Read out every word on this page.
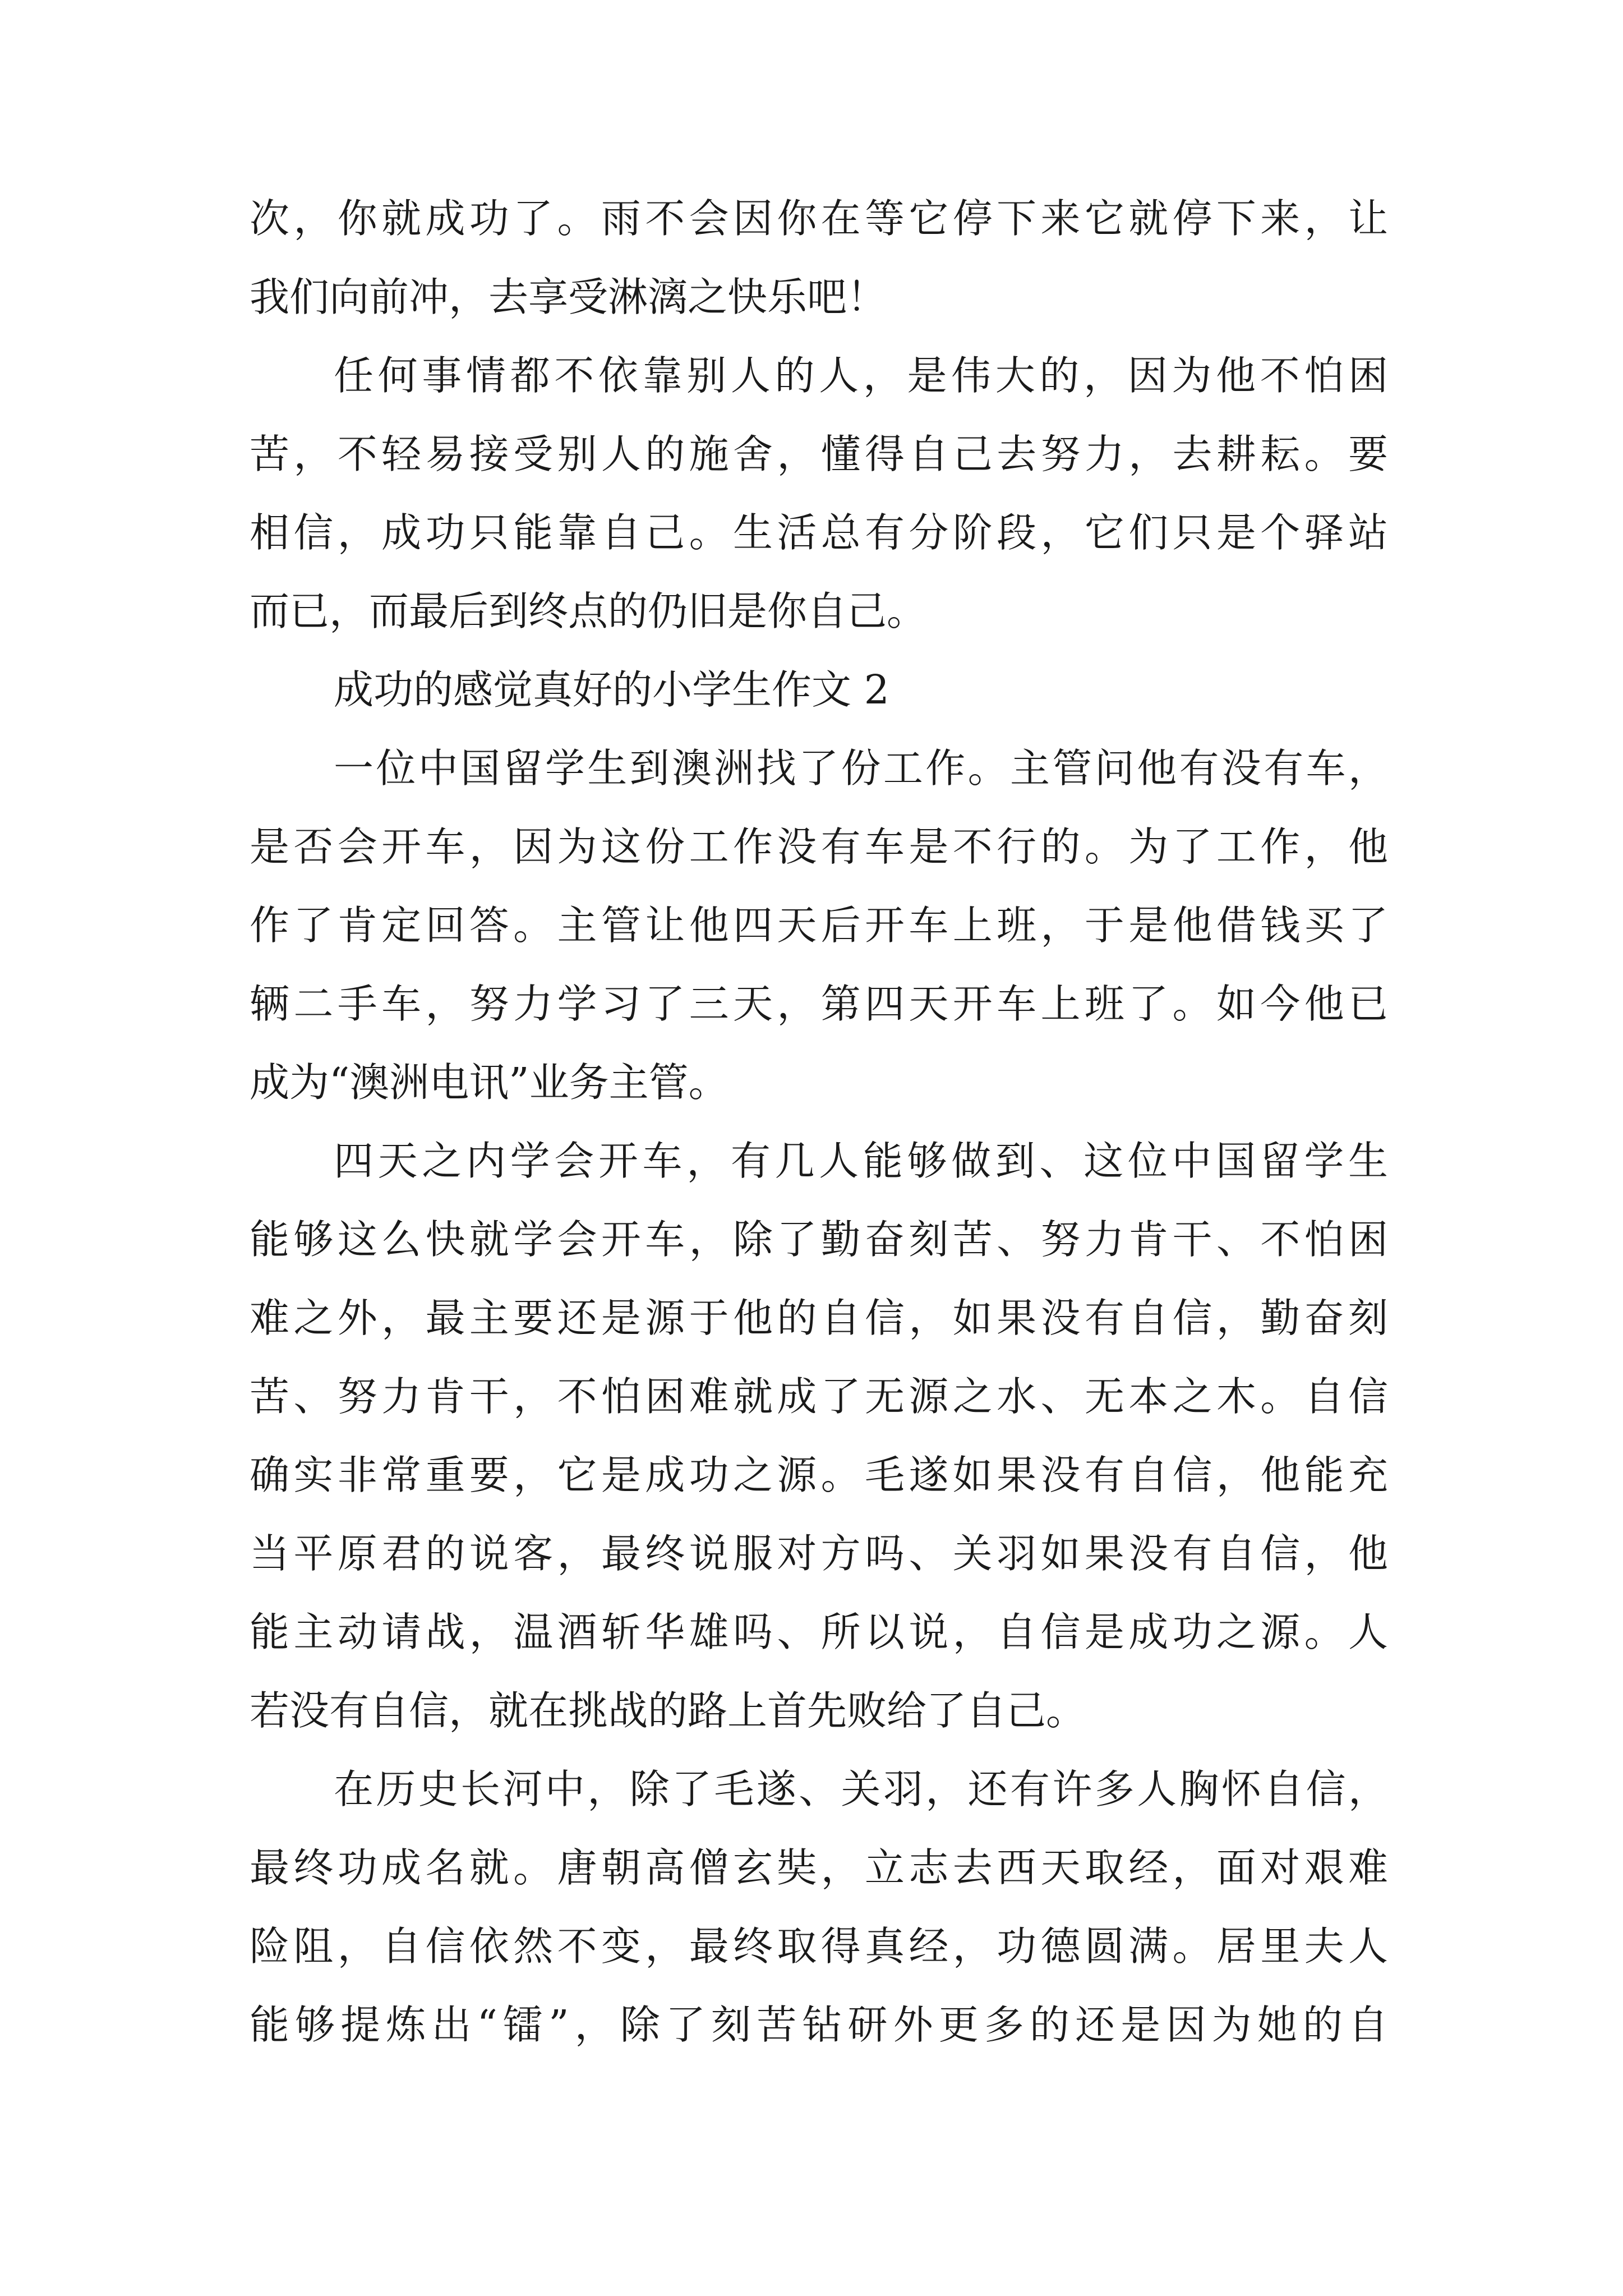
次，你就成功了。雨不会因你在等它停下来它就停下来，让
我们向前冲，去享受淋漓之快乐吧！
任何事情都不依靠别人的人，是伟大的，因为他不怕困
苦，不轻易接受别人的施舍，懂得自己去努力，去耕耘。要
相信，成功只能靠自己。生活总有分阶段，它们只是个驿站
而已，而最后到终点的仍旧是你自己。
成功的感觉真好的小学生作文 2
一位中国留学生到澳洲找了份工作。主管问他有没有车，
是否会开车，因为这份工作没有车是不行的。为了工作，他
作了肯定回答。主管让他四天后开车上班，于是他借钱买了
辆二手车，努力学习了三天，第四天开车上班了。如今他已
成为“澳洲电讯”业务主管。
四天之内学会开车，有几人能够做到、这位中国留学生
能够这么快就学会开车，除了勤奋刻苦、努力肯干、不怕困
难之外，最主要还是源于他的自信，如果没有自信，勤奋刻
苦、努力肯干，不怕困难就成了无源之水、无本之木。自信
确实非常重要，它是成功之源。毛遂如果没有自信，他能充
当平原君的说客，最终说服对方吗、关羽如果没有自信，他
能主动请战，温酒斩华雄吗、所以说，自信是成功之源。人
若没有自信，就在挑战的路上首先败给了自己。
在历史长河中，除了毛遂、关羽，还有许多人胸怀自信，
最终功成名就。唐朝高僧玄奘，立志去西天取经，面对艰难
险阻，自信依然不变，最终取得真经，功德圆满。居里夫人
能够提炼出“镭”，除了刻苦钻研外更多的还是因为她的自
